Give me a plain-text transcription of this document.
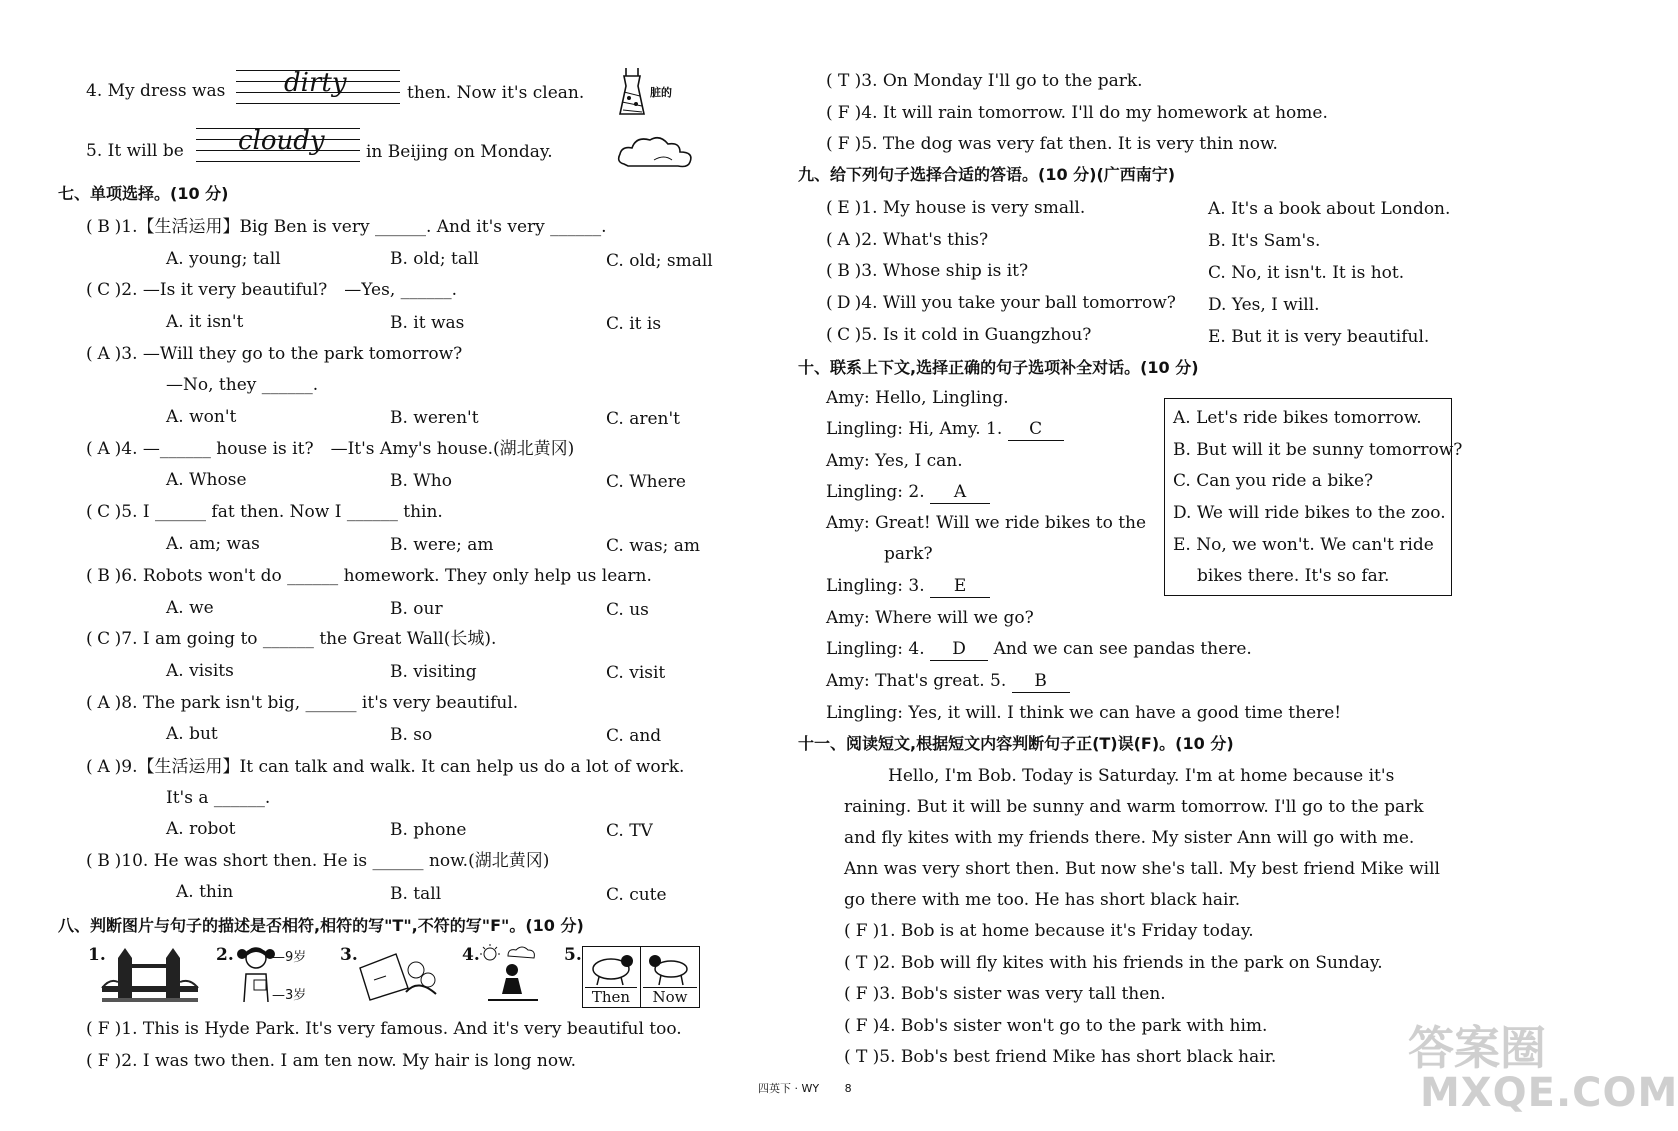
4. My dress was dirty	then. Now it's clean.	脏的
5. It will be cloudy in Beijing on Monday.
七、单项选择。(10 分)
( B )1.【生活运用】Big Ben is very ______. And it's very ______.
A. young; tall	B. old; tall	C. old; small
( C )2. —Is it very beautiful?　—Yes, ______.
A. it isn't	B. it was	C. it is
( A )3. —Will they go to the park tomorrow?
—No, they ______.
A. won't	B. weren't	C. aren't
( A )4. —______ house is it?　—It's Amy's house.(湖北黄冈)
A. Whose	B. Who	C. Where
( C )5. I ______ fat then. Now I ______ thin.
A. am; was	B. were; am	C. was; am
( B )6. Robots won't do ______ homework. They only help us learn.
A. we	B. our	C. us
( C )7. I am going to ______ the Great Wall(长城).
A. visits	B. visiting	C. visit
( A )8. The park isn't big, ______ it's very beautiful.
A. but	B. so	C. and
( A )9.【生活运用】It can talk and walk. It can help us do a lot of work.
It's a ______.
A. robot	B. phone	C. TV
( B )10. He was short then. He is ______ now.(湖北黄冈)
A. thin	B. tall	C. cute
八、判断图片与句子的描述是否相符,相符的写"T",不符的写"F"。(10 分)
1.	2.	—9岁
—3岁
3.	4.	5.
Then	Now
( F )1. This is Hyde Park. It's very famous. And it's very beautiful too.
( F )2. I was two then. I am ten now. My hair is long now.
( T )3. On Monday I'll go to the park.
( F )4. It will rain tomorrow. I'll do my homework at home.
( F )5. The dog was very fat then. It is very thin now.
九、给下列句子选择合适的答语。(10 分)(广西南宁)
( E )1. My house is very small.	A. It's a book about London.
( A )2. What's this?	B. It's Sam's.
( B )3. Whose ship is it?	C. No, it isn't. It is hot.
( D )4. Will you take your ball tomorrow? D. Yes, I will.
( C )5. Is it cold in Guangzhou?	E. But it is very beautiful.
十、联系上下文,选择正确的句子选项补全对话。(10 分)
Amy: Hello, Lingling.
Lingling: Hi, Amy. 1. C
Amy: Yes, I can.
Lingling: 2. A
Amy: Great! Will we ride bikes to the
park?
Lingling: 3. E
Amy: Where will we go?
Lingling: 4. D And we can see pandas there.
Amy: That's great. 5. B
Lingling: Yes, it will. I think we can have a good time there!
A. Let's ride bikes tomorrow.
B. But will it be sunny tomorrow?
C. Can you ride a bike?
D. We will ride bikes to the zoo.
E. No, we won't. We can't ride
bikes there. It's so far.
十一、阅读短文,根据短文内容判断句子正(T)误(F)。(10 分)
Hello, I'm Bob. Today is Saturday. I'm at home because it's
raining. But it will be sunny and warm tomorrow. I'll go to the park
and fly kites with my friends there. My sister Ann will go with me.
Ann was very short then. But now she's tall. My best friend Mike will
go there with me too. He has short black hair.
( F )1. Bob is at home because it's Friday today.
( T )2. Bob will fly kites with his friends in the park on Sunday.
( F )3. Bob's sister was very tall then.
( F )4. Bob's sister won't go to the park with him.
( T )5. Bob's best friend Mike has short black hair.
四英下 · WY 8
答案圈
MXQE.COM
